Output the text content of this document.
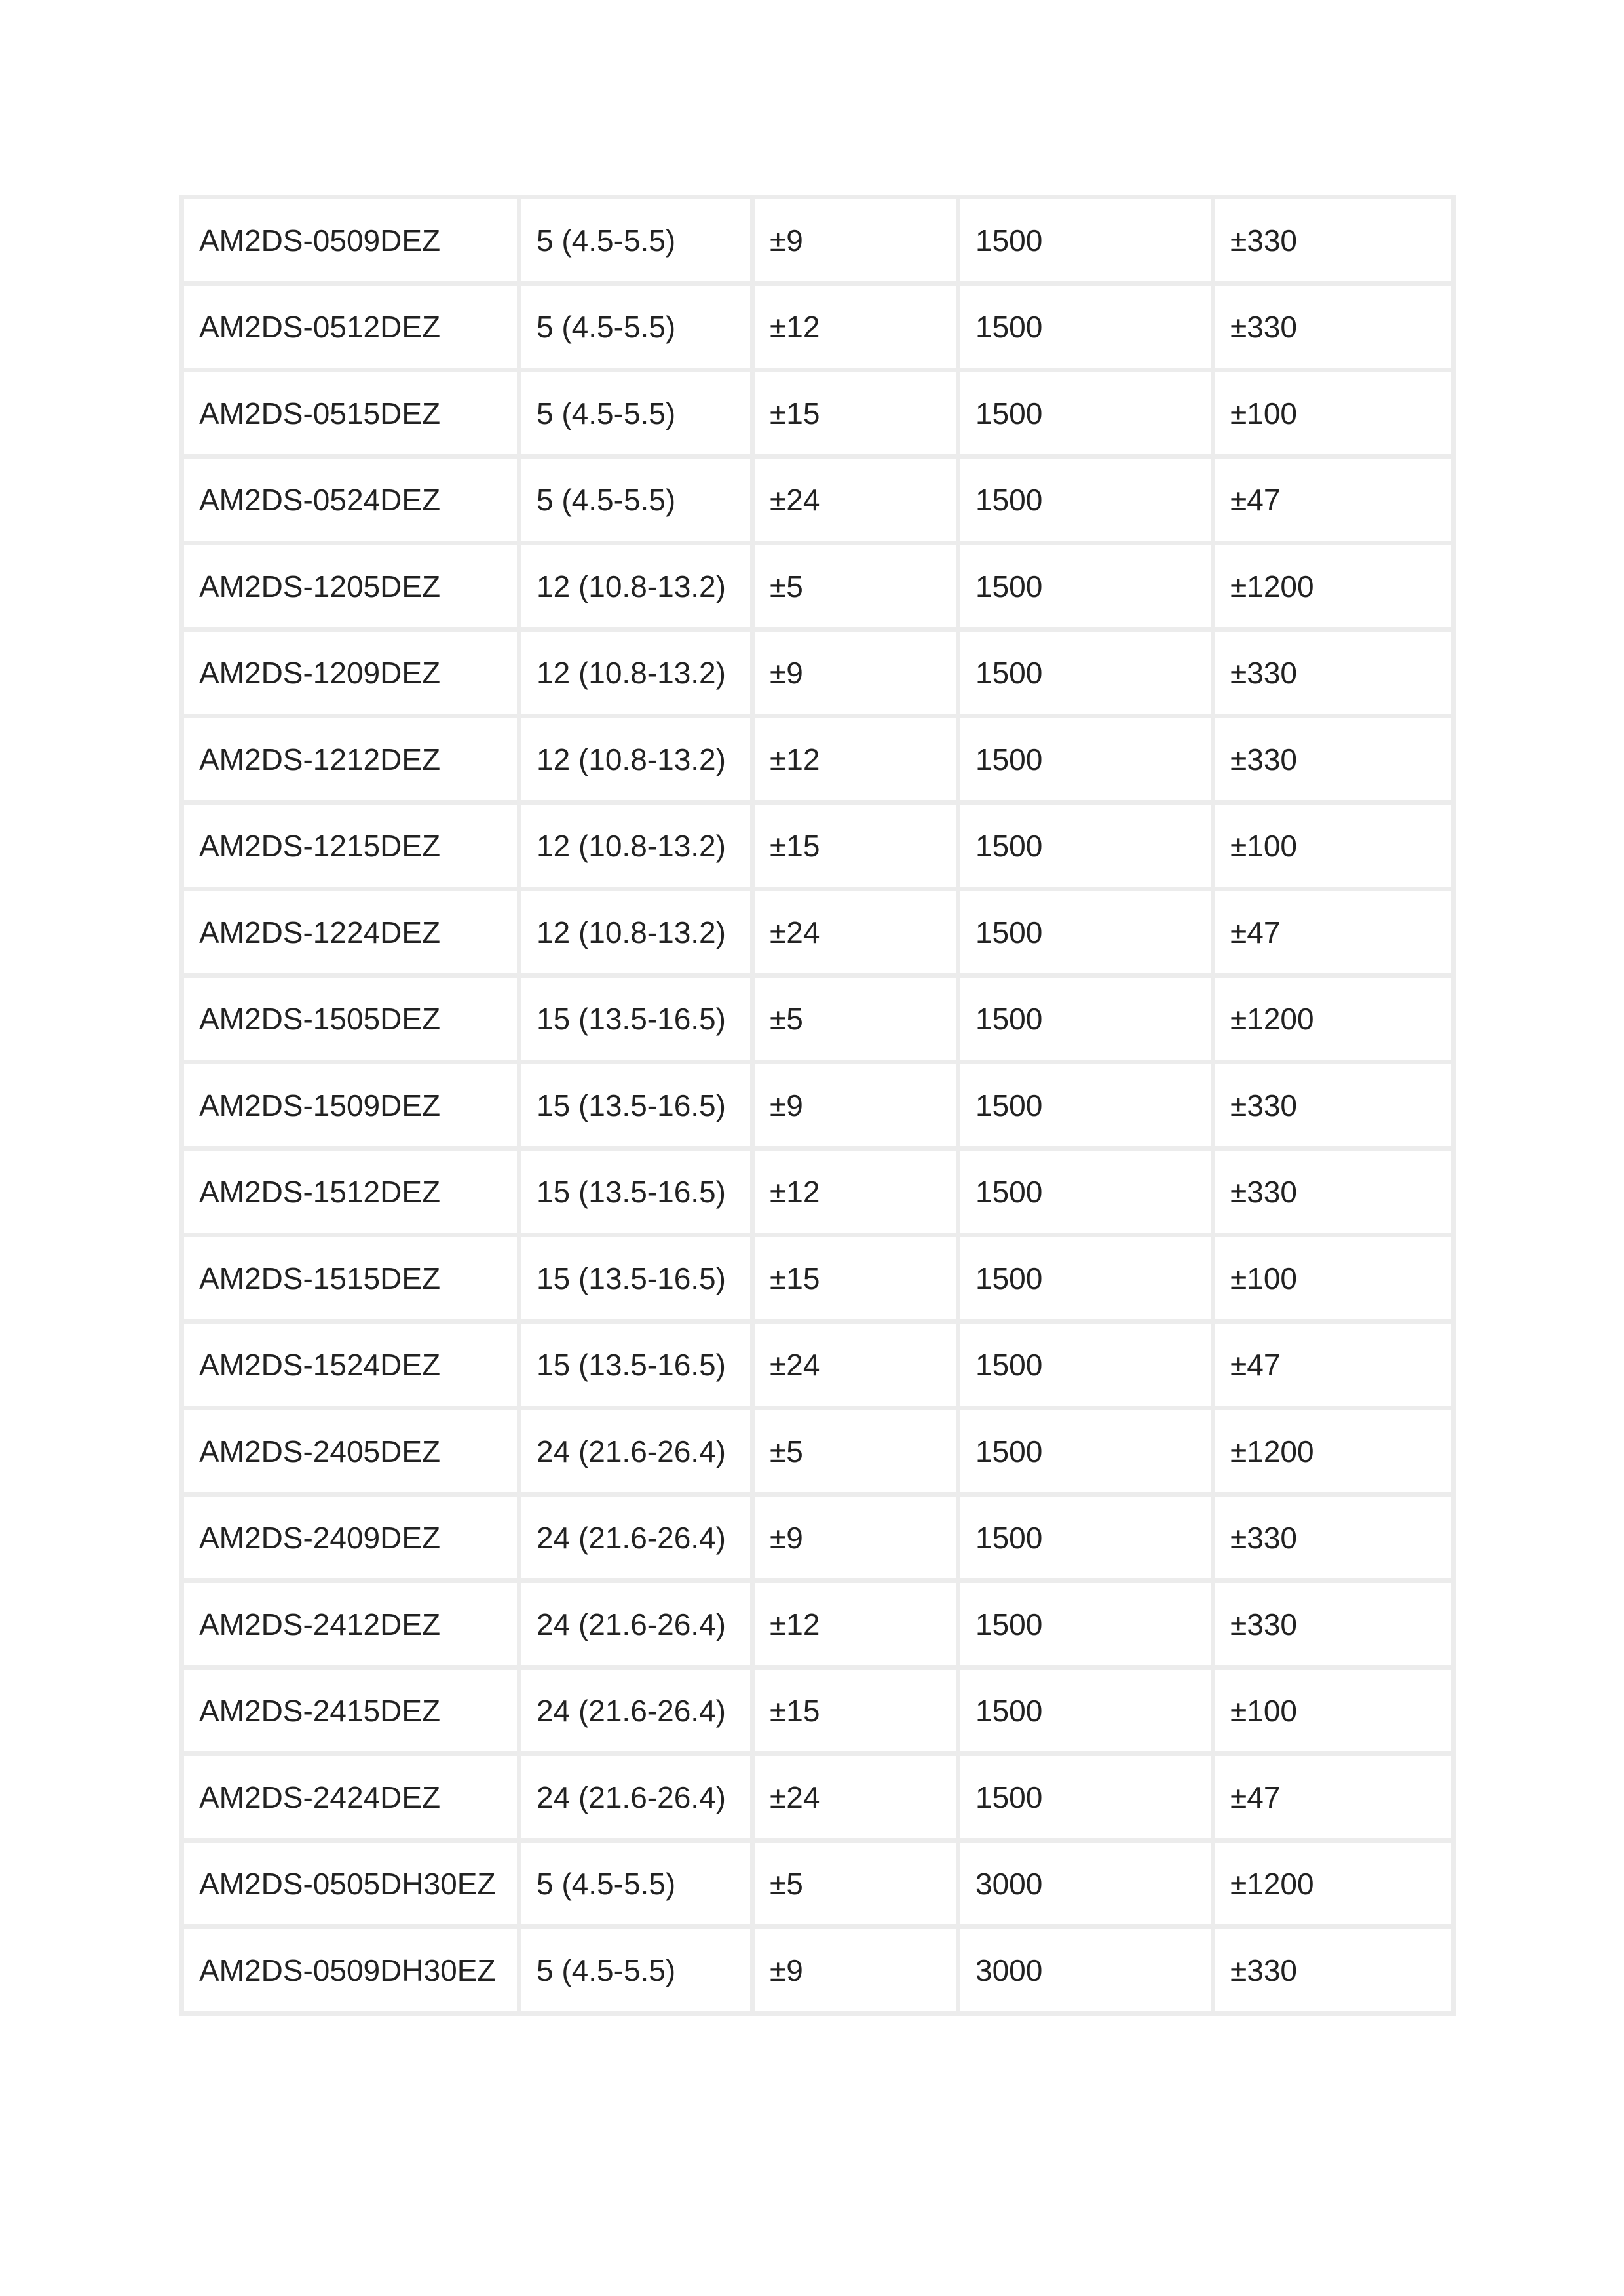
AM2DS-0509DEZ	5 (4.5-5.5)	±9	1500	±330
AM2DS-0512DEZ	5 (4.5-5.5)	±12	1500	±330
AM2DS-0515DEZ	5 (4.5-5.5)	±15	1500	±100
AM2DS-0524DEZ	5 (4.5-5.5)	±24	1500	±47
AM2DS-1205DEZ	12 (10.8-13.2)	±5	1500	±1200
AM2DS-1209DEZ	12 (10.8-13.2)	±9	1500	±330
AM2DS-1212DEZ	12 (10.8-13.2)	±12	1500	±330
AM2DS-1215DEZ	12 (10.8-13.2)	±15	1500	±100
AM2DS-1224DEZ	12 (10.8-13.2)	±24	1500	±47
AM2DS-1505DEZ	15 (13.5-16.5)	±5	1500	±1200
AM2DS-1509DEZ	15 (13.5-16.5)	±9	1500	±330
AM2DS-1512DEZ	15 (13.5-16.5)	±12	1500	±330
AM2DS-1515DEZ	15 (13.5-16.5)	±15	1500	±100
AM2DS-1524DEZ	15 (13.5-16.5)	±24	1500	±47
AM2DS-2405DEZ	24 (21.6-26.4)	±5	1500	±1200
AM2DS-2409DEZ	24 (21.6-26.4)	±9	1500	±330
AM2DS-2412DEZ	24 (21.6-26.4)	±12	1500	±330
AM2DS-2415DEZ	24 (21.6-26.4)	±15	1500	±100
AM2DS-2424DEZ	24 (21.6-26.4)	±24	1500	±47
AM2DS-0505DH30EZ	5 (4.5-5.5)	±5	3000	±1200
AM2DS-0509DH30EZ	5 (4.5-5.5)	±9	3000	±330
